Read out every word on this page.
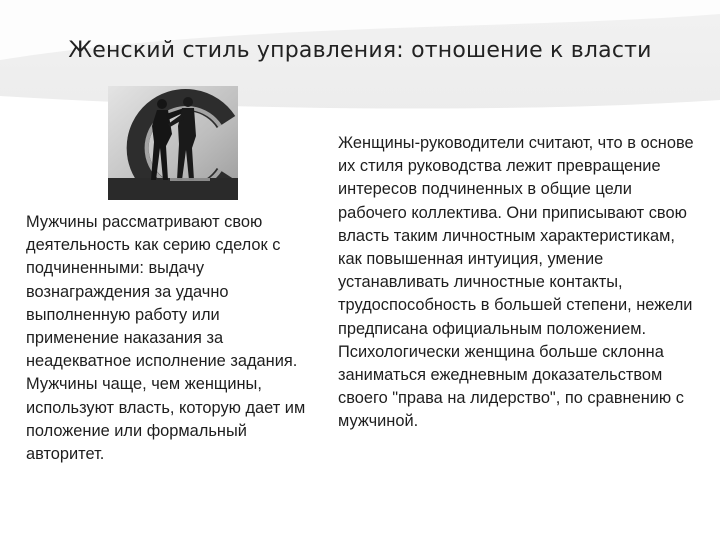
Женский стиль управления: отношение к власти

Мужчины рассматривают свою деятельность как серию сделок с подчиненными: выдачу вознаграждения за удачно выполненную работу или применение наказания за неадекватное исполнение задания. Мужчины чаще, чем женщины, используют власть, которую дает им положение или формальный авторитет.

Женщины-руководители считают, что в основе их стиля руководства лежит превращение интересов подчиненных в общие цели рабочего коллектива. Они приписывают свою власть таким личностным характеристикам, как повышенная интуиция, умение устанавливать личностные контакты, трудоспособность в большей степени, нежели предписана официальным положением. Психологически женщина больше склонна заниматься ежедневным доказательством своего "права на лидерство", по сравнению с мужчиной.
